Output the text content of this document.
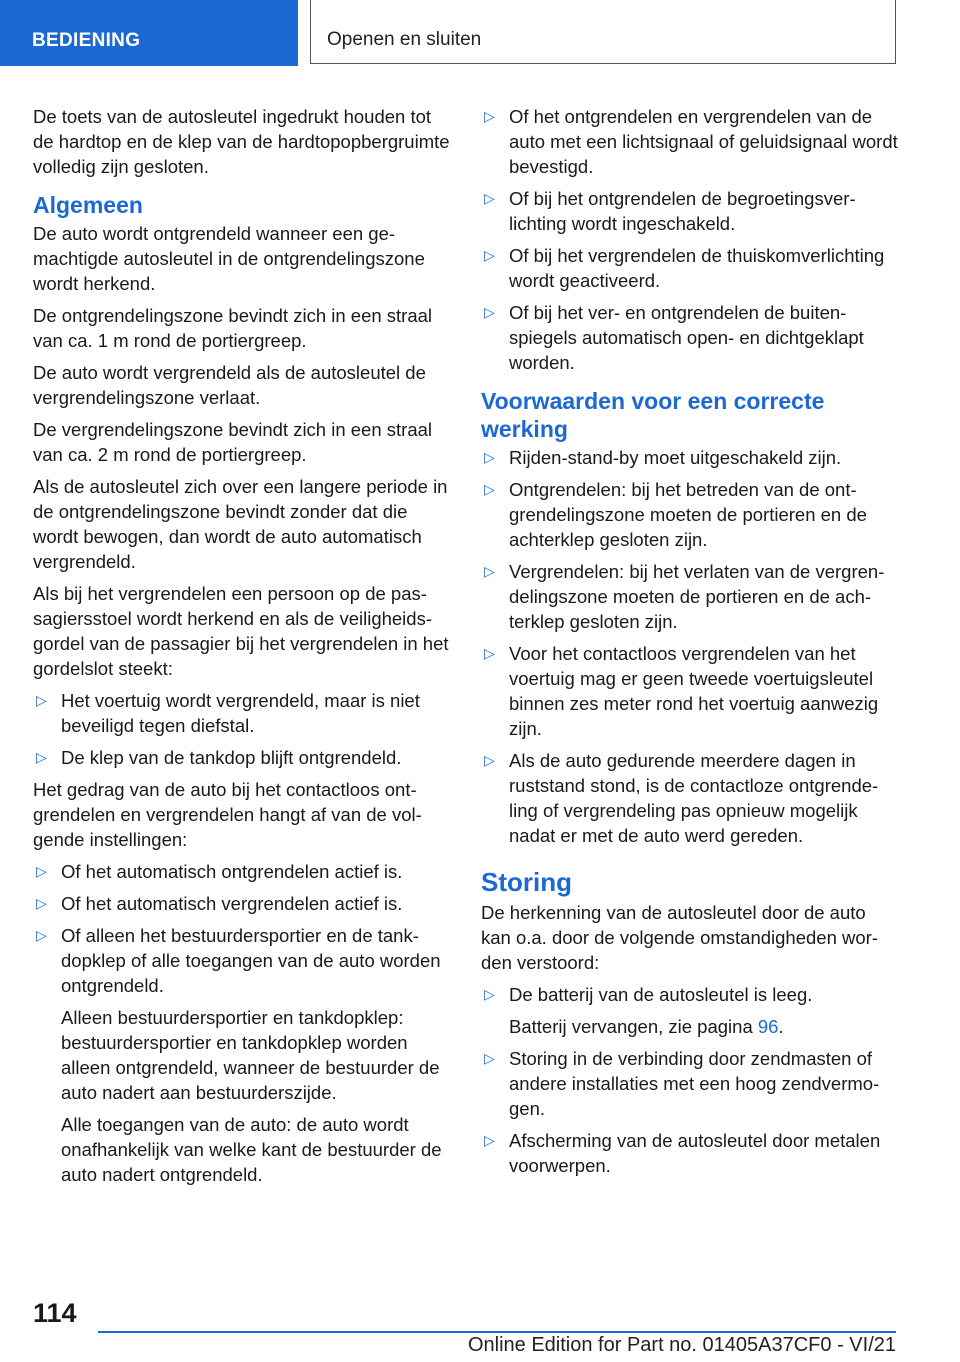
BEDIENING	Openen en sluiten

De toets van de autosleutel ingedrukt houden tot de hardtop en de klep van de hardtopopbergruimte volledig zijn gesloten.

Algemeen

De auto wordt ontgrendeld wanneer een gemachtigde autosleutel in de ontgrendelingszone wordt herkend.

De ontgrendelingszone bevindt zich in een straal van ca. 1 m rond de portiergreep.

De auto wordt vergrendeld als de autosleutel de vergrendelingszone verlaat.

De vergrendelingszone bevindt zich in een straal van ca. 2 m rond de portiergreep.

Als de autosleutel zich over een langere periode in de ontgrendelingszone bevindt zonder dat die wordt bewogen, dan wordt de auto automatisch vergrendeld.

Als bij het vergrendelen een persoon op de passagiersstoel wordt herkend en als de veiligheidsgordel van de passagier bij het vergrendelen in het gordelslot steekt:

▷ Het voertuig wordt vergrendeld, maar is niet beveiligd tegen diefstal.
▷ De klep van de tankdop blijft ontgrendeld.

Het gedrag van de auto bij het contactloos ontgrendelen en vergrendelen hangt af van de volgende instellingen:

▷ Of het automatisch ontgrendelen actief is.
▷ Of het automatisch vergrendelen actief is.
▷ Of alleen het bestuurdersportier en de tankdopklep of alle toegangen van de auto worden ontgrendeld.
Alleen bestuurdersportier en tankdopklep: bestuurdersportier en tankdopklep worden alleen ontgrendeld, wanneer de bestuurder de auto nadert aan bestuurderszijde.
Alle toegangen van de auto: de auto wordt onafhankelijk van welke kant de bestuurder de auto nadert ontgrendeld.
▷ Of het ontgrendelen en vergrendelen van de auto met een lichtsignaal of geluidsignaal wordt bevestigd.
▷ Of bij het ontgrendelen de begroetingsverlichting wordt ingeschakeld.
▷ Of bij het vergrendelen de thuiskomverlichting wordt geactiveerd.
▷ Of bij het ver- en ontgrendelen de buitenspiegels automatisch open- en dichtgeklapt worden.
Voorwaarden voor een correcte werking
▷ Rijden-stand-by moet uitgeschakeld zijn.
▷ Ontgrendelen: bij het betreden van de ontgrendelingszone moeten de portieren en de achterklep gesloten zijn.
▷ Vergrendelen: bij het verlaten van de vergrendelingszone moeten de portieren en de achterklep gesloten zijn.
▷ Voor het contactloos vergrendelen van het voertuig mag er geen tweede voertuigsleutel binnen zes meter rond het voertuig aanwezig zijn.
▷ Als de auto gedurende meerdere dagen in ruststand stond, is de contactloze ontgrendeling of vergrendeling pas opnieuw mogelijk nadat er met de auto werd gereden.
Storing

De herkenning van de autosleutel door de auto kan o.a. door de volgende omstandigheden worden verstoord:

▷ De batterij van de autosleutel is leeg.
Batterij vervangen, zie pagina 96.
▷ Storing in de verbinding door zendmasten of andere installaties met een hoog zendvermogen.
▷ Afscherming van de autosleutel door metalen voorwerpen.
114
Online Edition for Part no. 01405A37CF0 - VI/21
